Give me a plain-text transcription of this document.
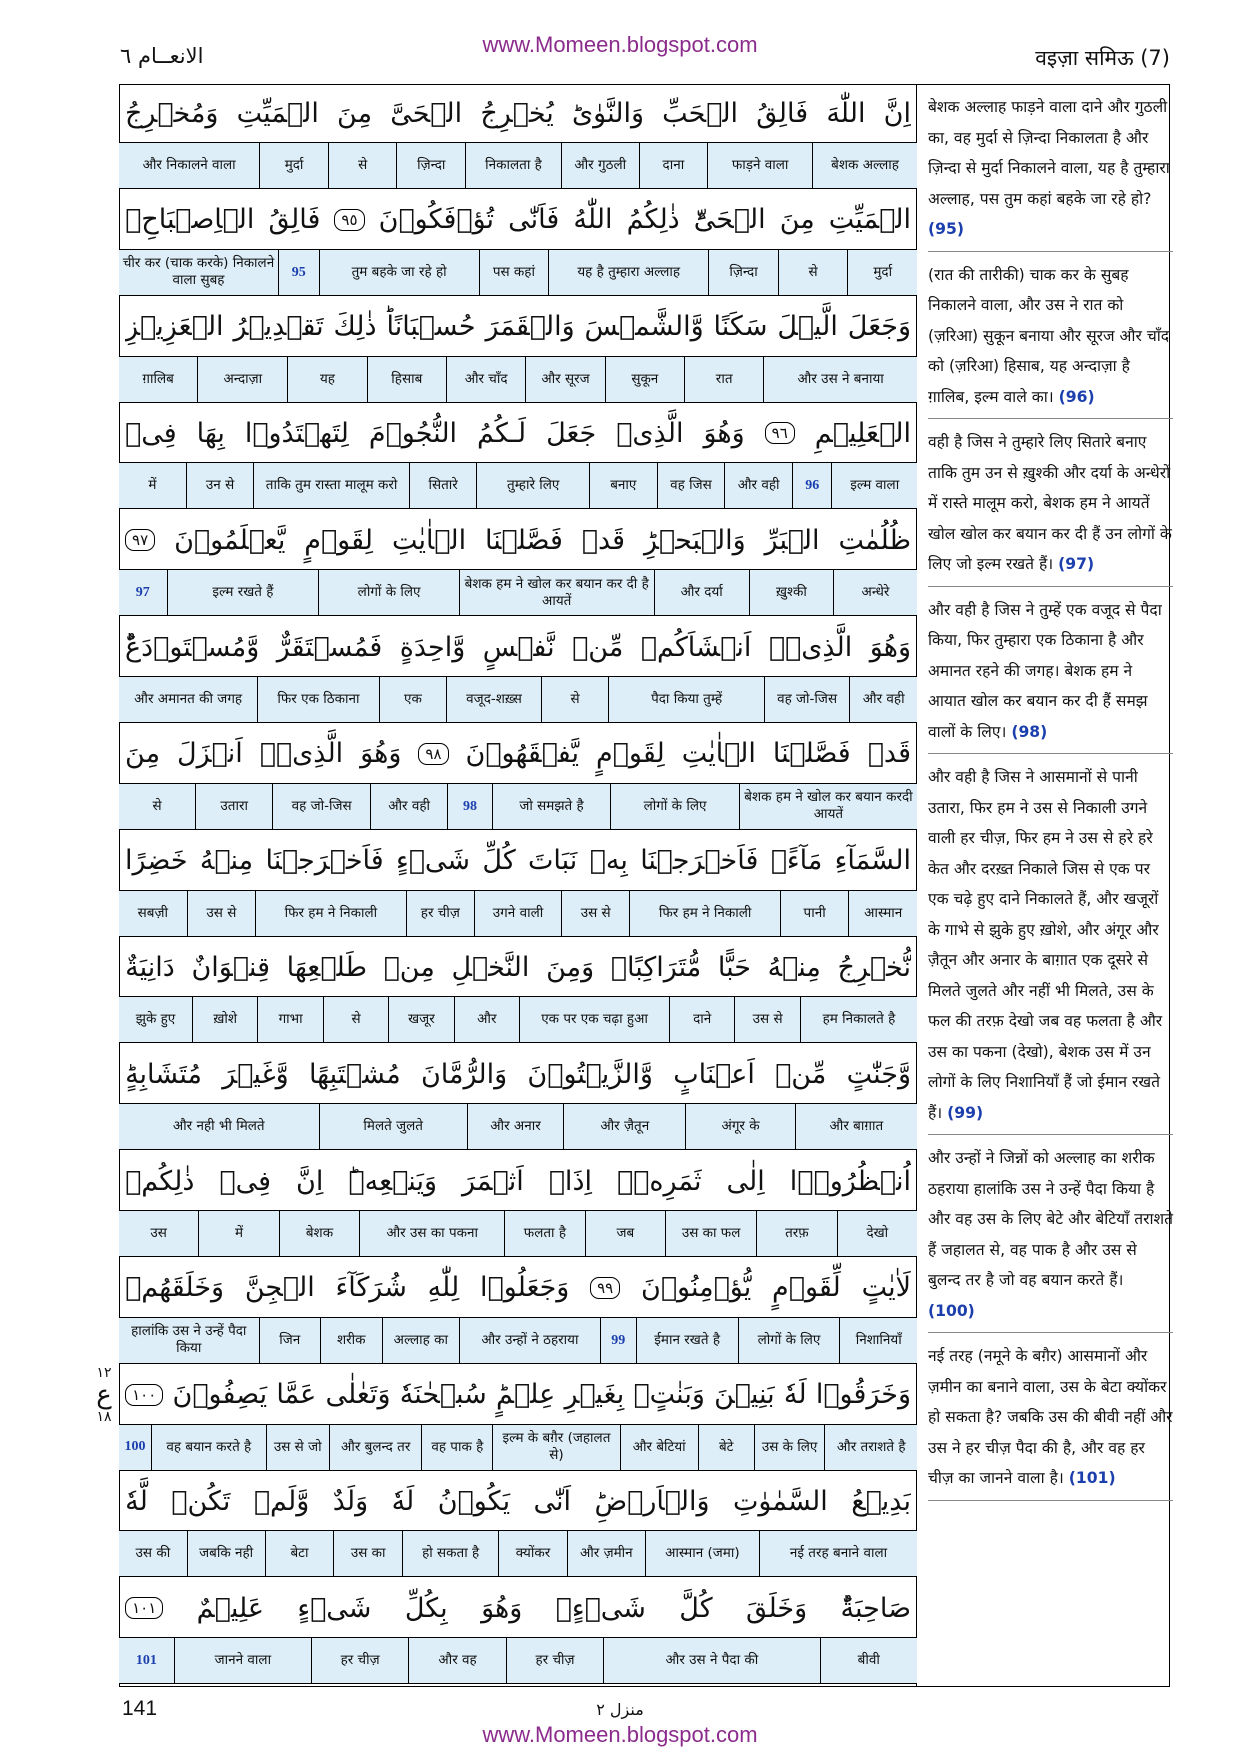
www.Momeen.blogspot.com
الانعــام ٦	वइज़ा समिऊ (7)
اِنَّ
اللّٰهَ
فَالِقُ
الۡحَبِّ
وَالنَّوٰىؕ
يُخۡرِجُ
الۡحَىَّ
مِنَ
الۡمَيِّتِ
وَمُخۡرِجُ
बेशक अल्लाह
फाड़ने वाला
दाना
और गुठली
निकालता है
ज़िन्दा
से
मुर्दा
और निकालने वाला
الۡمَيِّتِ
مِنَ
الۡحَىِّؕ
ذٰلِكُمُ
اللّٰهُ
فَاَنّٰى
تُؤۡفَكُوۡنَ
٩٥
فَالِقُ
الۡاِصۡبَاحِۚ
मुर्दा
से
ज़िन्दा
यह है तुम्हारा अल्लाह
पस कहां
तुम बहके जा रहे हो
95
चीर कर (चाक करके) निकालने वाला सुबह
وَجَعَلَ
الَّيۡلَ
سَكَنًا
وَّالشَّمۡسَ
وَالۡقَمَرَ
حُسۡبَانًاؕ
ذٰلِكَ
تَقۡدِيۡرُ
الۡعَزِيۡزِ
और उस ने बनाया
रात
सुकून
और सूरज
और चाँद
हिसाब
यह
अन्दाज़ा
ग़ालिब
الۡعَلِيۡمِ
٩٦
وَهُوَ
الَّذِىۡ
جَعَلَ
لَـكُمُ
النُّجُوۡمَ
لِتَهۡتَدُوۡا
بِهَا
فِىۡ
इल्म वाला
96
और वही
वह जिस
बनाए
तुम्हारे लिए
सितारे
ताकि तुम रास्ता मालूम करो
उन से
में
ظُلُمٰتِ
الۡبَرِّ
وَالۡبَحۡرِؕ
قَدۡ
فَصَّلۡنَا
الۡاٰيٰتِ
لِقَوۡمٍ
يَّعۡلَمُوۡنَ
٩٧
अन्धेरे
ख़ुश्की
और दर्या
बेशक हम ने खोल कर बयान कर दी है आयतें
लोगों के लिए
इल्म रखते हैं
97
وَهُوَ
الَّذِىۡۤ
اَنۡشَاَكُمۡ
مِّنۡ
نَّفۡسٍ
وَّاحِدَةٍ
فَمُسۡتَقَرٌّ
وَّمُسۡتَوۡدَعٌؕ
और वही
वह जो-जिस
पैदा किया तुम्हें
से
वजूद-शख़्स
एक
फिर एक ठिकाना
और अमानत की जगह
قَدۡ
فَصَّلۡنَا
الۡاٰيٰتِ
لِقَوۡمٍ
يَّفۡقَهُوۡنَ
٩٨
وَهُوَ
الَّذِىۡۤ
اَنۡزَلَ
مِنَ
बेशक हम ने खोल कर बयान करदी आयतें
लोगों के लिए
जो समझते है
98
और वही
वह जो-जिस
उतारा
से
السَّمَآءِ
مَآءًۚ
فَاَخۡرَجۡنَا
بِهٖ
نَبَاتَ
كُلِّ
شَىۡءٍ
فَاَخۡرَجۡنَا
مِنۡهُ
خَضِرًا
आस्मान
पानी
फिर हम ने निकाली
उस से
उगने वाली
हर चीज़
फिर हम ने निकाली
उस से
सबज़ी
نُّخۡرِجُ
مِنۡهُ
حَبًّا
مُّتَرَاكِبًاۚ
وَمِنَ
النَّخۡلِ
مِنۡ
طَلۡعِهَا
قِنۡوَانٌ
دَانِيَةٌ
हम निकालते है
उस से
दाने
एक पर एक चढ़ा हुआ
और
खजूर
से
गाभा
ख़ोशे
झुके हुए
وَّجَنّٰتٍ
مِّنۡ
اَعۡنَابٍ
وَّالزَّيۡتُوۡنَ
وَالرُّمَّانَ
مُشۡتَبِهًا
وَّغَيۡرَ
مُتَشَابِهٍؕ
और बाग़ात
अंगूर के
और ज़ैतून
और अनार
मिलते जुलते
और नही भी मिलते
اُنۡظُرُوۡۤا
اِلٰى
ثَمَرِهٖۤ
اِذَاۤ
اَثۡمَرَ
وَيَنۡعِهٖؕ
اِنَّ
فِىۡ
ذٰلِكُمۡ
देखो
तरफ़
उस का फल
जब
फलता है
और उस का पकना
बेशक
में
उस
لَاٰيٰتٍ
لِّقَوۡمٍ
يُّؤۡمِنُوۡنَ
٩٩
وَجَعَلُوۡا
لِلّٰهِ
شُرَكَآءَ
الۡجِنَّ
وَخَلَقَهُمۡ
निशानियाँ
लोगों के लिए
ईमान रखते है
99
और उन्हों ने ठहराया
अल्लाह का
शरीक
जिन
हालांकि उस ने उन्हें पैदा किया
وَخَرَقُوۡا
لَهٗ
بَنِيۡنَ
وَبَنٰتٍۢ
بِغَيۡرِ
عِلۡمٍؕ
سُبۡحٰنَهٗ
وَتَعٰلٰى
عَمَّا
يَصِفُوۡنَ
١٠٠
और तराशते है
उस के लिए
बेटे
और बेटियां
इल्म के बग़ैर (जहालत से)
वह पाक है
और बुलन्द तर
उस से जो
वह बयान करते है
100
بَدِيۡعُ
السَّمٰوٰتِ
وَالۡاَرۡضِؕ
اَنّٰى
يَكُوۡنُ
لَهٗ
وَلَدٌ
وَّلَمۡ
تَكُنۡ
لَّهٗ
नई तरह बनाने वाला
आस्मान (जमा)
और ज़मीन
क्योंकर
हो सकता है
उस का
बेटा
जबकि नही
उस की
صَاحِبَةٌؕ
وَخَلَقَ
كُلَّ
شَىۡءٍۚ
وَهُوَ
بِكُلِّ
شَىۡءٍ
عَلِيۡمٌ
١٠١
बीवी
और उस ने पैदा की
हर चीज़
और वह
हर चीज़
जानने वाला
101

बेशक अल्लाह फाड़ने वाला दाने और गुठली का, वह मुर्दा से ज़िन्दा निकालता है और ज़िन्दा से मुर्दा निकालने वाला, यह है तुम्हारा अल्लाह, पस तुम कहां बहके जा रहे हो? (95)

(रात की तारीकी) चाक कर के सुबह निकालने वाला, और उस ने रात को (ज़रिआ) सुकून बनाया और सूरज और चाँद को (ज़रिआ) हिसाब, यह अन्दाज़ा है ग़ालिब, इल्म वाले का। (96)

वही है जिस ने तुम्हारे लिए सितारे बनाए ताकि तुम उन से ख़ुश्की और दर्या के अन्धेरों में रास्ते मालूम करो, बेशक हम ने आयतें खोल खोल कर बयान कर दी हैं उन लोगों के लिए जो इल्म रखते हैं। (97)

और वही है जिस ने तुम्हें एक वजूद से पैदा किया, फिर तुम्हारा एक ठिकाना है और अमानत रहने की जगह। बेशक हम ने आयात खोल कर बयान कर दी हैं समझ वालों के लिए। (98)

और वही है जिस ने आसमानों से पानी उतारा, फिर हम ने उस से निकाली उगने वाली हर चीज़, फिर हम ने उस से हरे हरे केत और दरख़्त निकाले जिस से एक पर एक चढ़े हुए दाने निकालते हैं, और खजूरों के गाभे से झुके हुए ख़ोशे, और अंगूर और ज़ैतून और अनार के बाग़ात एक दूसरे से मिलते जुलते और नहीं भी मिलते, उस के फल की तरफ़ देखो जब वह फलता है और उस का पकना (देखो), बेशक उस में उन लोगों के लिए निशानियाँ हैं जो ईमान रखते हैं। (99)

और उन्हों ने जिन्नों को अल्लाह का शरीक ठहराया हालांकि उस ने उन्हें पैदा किया है और वह उस के लिए बेटे और बेटियाँ तराशते हैं जहालत से, वह पाक है और उस से बुलन्द तर है जो वह बयान करते हैं। (100)

नई तरह (नमूने के बग़ैर) आसमानों और ज़मीन का बनाने वाला, उस के बेटा क्योंकर हो सकता है? जबकि उस की बीवी नहीं और उस ने हर चीज़ पैदा की है, और वह हर चीज़ का जानने वाला है। (101)

١٢
ع
١٨
141	منزل ٢
www.Momeen.blogspot.com
